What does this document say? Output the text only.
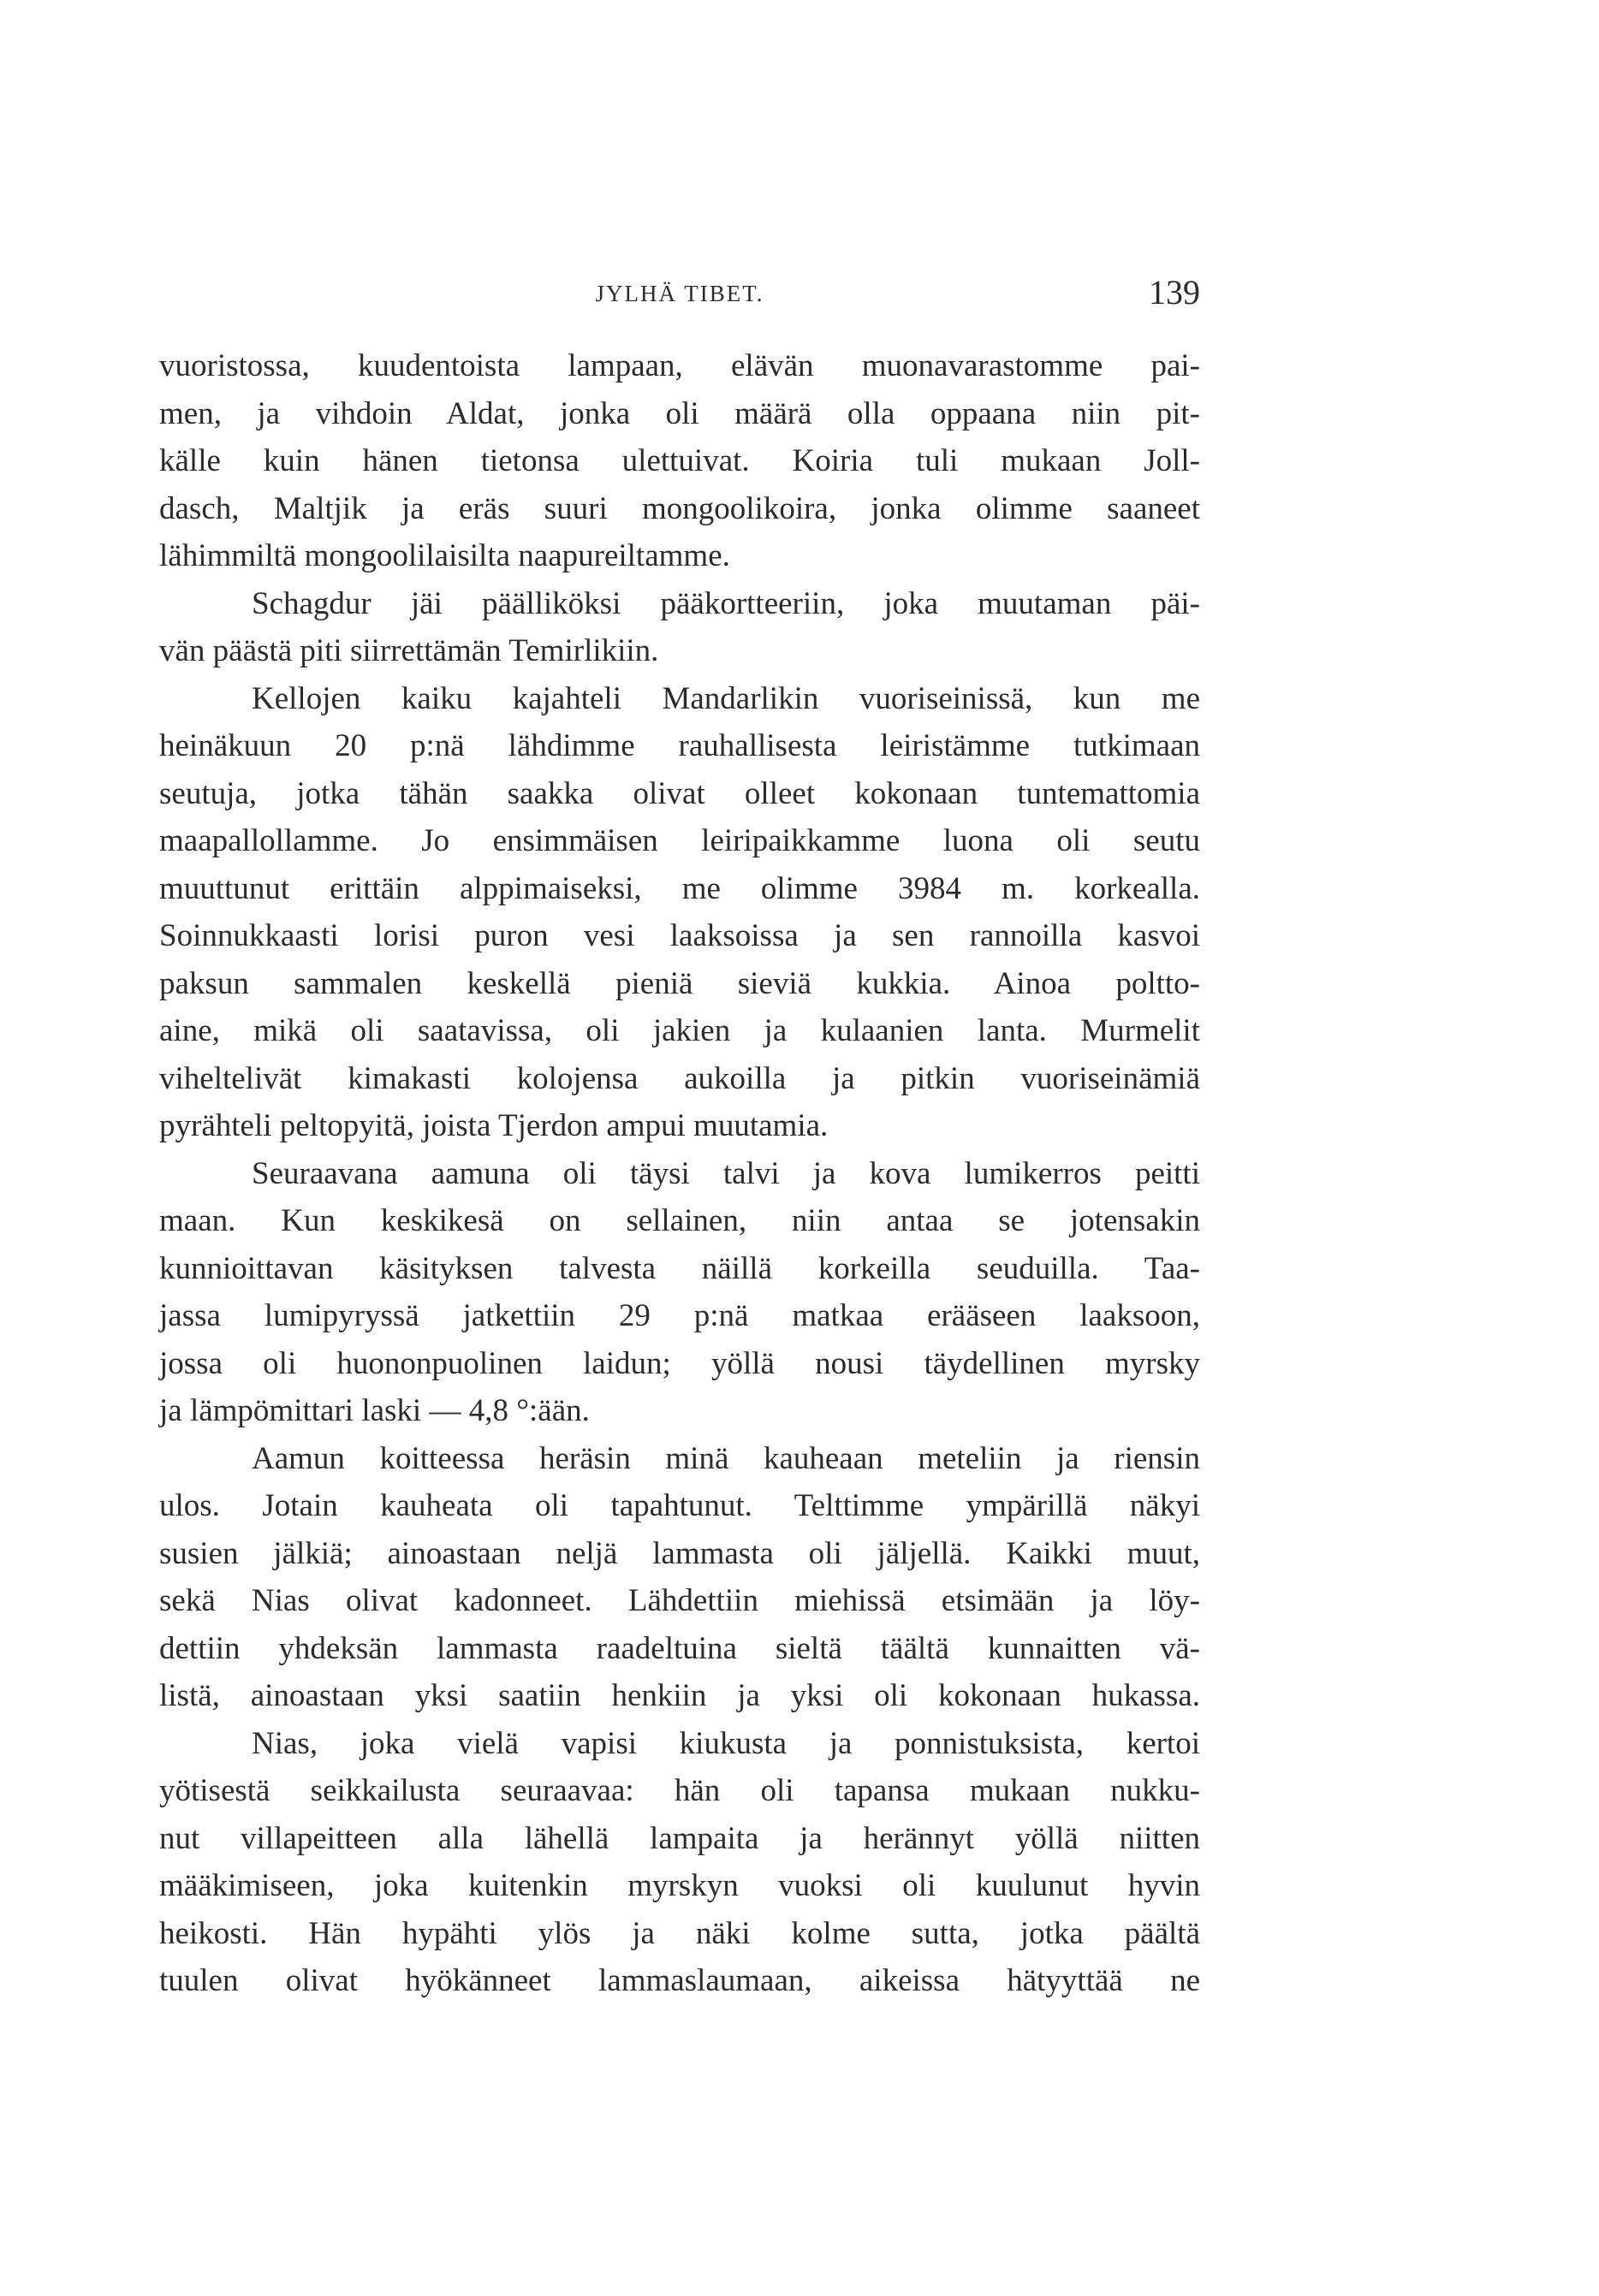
JYLHÄ TIBET.	139
vuoristossa, kuudentoista lampaan, elävän muonavarastomme pai-
men, ja vihdoin Aldat, jonka oli määrä olla oppaana niin pit-
källe kuin hänen tietonsa ulettuivat. Koiria tuli mukaan Joll-
dasch, Maltjik ja eräs suuri mongoolikoira, jonka olimme saaneet
lähimmiltä mongoolilaisilta naapureiltamme.
Schagdur jäi päälliköksi pääkortteeriin, joka muutaman päi-
vän päästä piti siirrettämän Temirlikiin.
Kellojen kaiku kajahteli Mandarlikin vuoriseinissä, kun me
heinäkuun 20 p:nä lähdimme rauhallisesta leiristämme tutkimaan
seutuja, jotka tähän saakka olivat olleet kokonaan tuntemattomia
maapallollamme. Jo ensimmäisen leiripaikkamme luona oli seutu
muuttunut erittäin alppimaiseksi, me olimme 3984 m. korkealla.
Soinnukkaasti lorisi puron vesi laaksoissa ja sen rannoilla kasvoi
paksun sammalen keskellä pieniä sieviä kukkia. Ainoa poltto-
aine, mikä oli saatavissa, oli jakien ja kulaanien lanta. Murmelit
viheltelivät kimakasti kolojensa aukoilla ja pitkin vuoriseinämiä
pyrähteli peltopyitä, joista Tjerdon ampui muutamia.
Seuraavana aamuna oli täysi talvi ja kova lumikerros peitti
maan. Kun keskikesä on sellainen, niin antaa se jotensakin
kunnioittavan käsityksen talvesta näillä korkeilla seuduilla. Taa-
jassa lumipyryssä jatkettiin 29 p:nä matkaa erääseen laaksoon,
jossa oli huononpuolinen laidun; yöllä nousi täydellinen myrsky
ja lämpömittari laski — 4,8 °:ään.
Aamun koitteessa heräsin minä kauheaan meteliin ja riensin
ulos. Jotain kauheata oli tapahtunut. Telttimme ympärillä näkyi
susien jälkiä; ainoastaan neljä lammasta oli jäljellä. Kaikki muut,
sekä Nias olivat kadonneet. Lähdettiin miehissä etsimään ja löy-
dettiin yhdeksän lammasta raadeltuina sieltä täältä kunnaitten vä-
listä, ainoastaan yksi saatiin henkiin ja yksi oli kokonaan hukassa.
Nias, joka vielä vapisi kiukusta ja ponnistuksista, kertoi
yötisestä seikkailusta seuraavaa: hän oli tapansa mukaan nukku-
nut villapeitteen alla lähellä lampaita ja herännyt yöllä niitten
määkimiseen, joka kuitenkin myrskyn vuoksi oli kuulunut hyvin
heikosti. Hän hypähti ylös ja näki kolme sutta, jotka päältä
tuulen olivat hyökänneet lammaslaumaan, aikeissa hätyyttää ne
